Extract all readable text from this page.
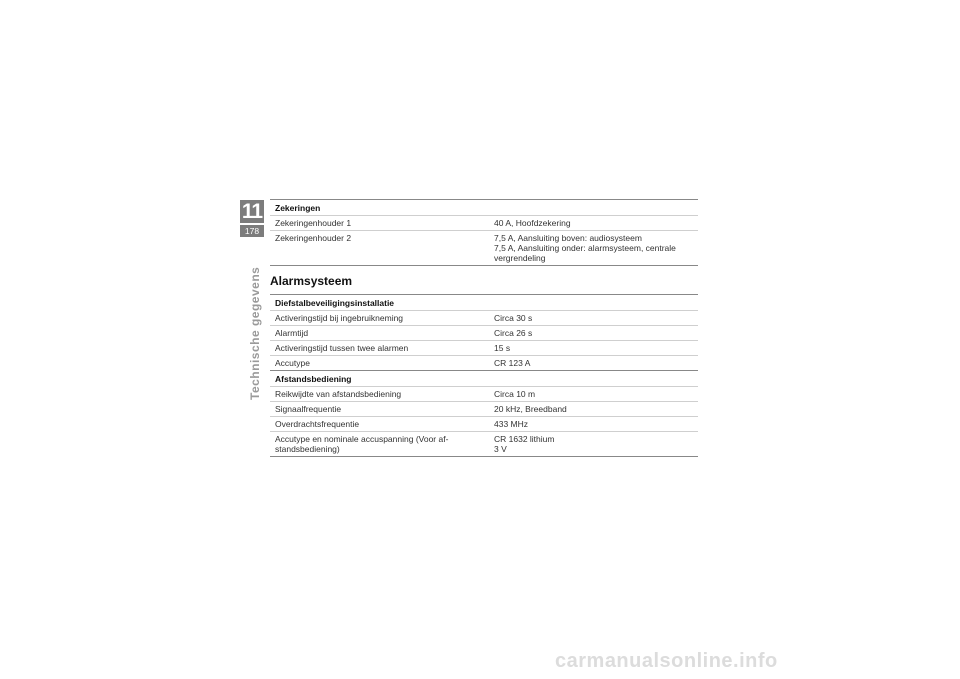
11
178
Technische gegevens
Zekeringen	
Zekeringenhouder 1	40 A, Hoofdzekering
Zekeringenhouder 2	7,5 A, Aansluiting boven: audiosysteem
7,5 A, Aansluiting onder: alarmsysteem, centrale
vergrendeling
Alarmsysteem
Diefstalbeveiligingsinstallatie	
Activeringstijd bij ingebruikneming	Circa 30 s
Alarmtijd	Circa 26 s
Activeringstijd tussen twee alarmen	15 s
Accutype	CR 123 A
Afstandsbediening	
Reikwijdte van afstandsbediening	Circa 10 m
Signaalfrequentie	20 kHz, Breedband
Overdrachtsfrequentie	433 MHz

Accutype en nominale accuspanning (Voor af-
standsbediening)	CR 1632 lithium
3 V
carmanualsonline.info
